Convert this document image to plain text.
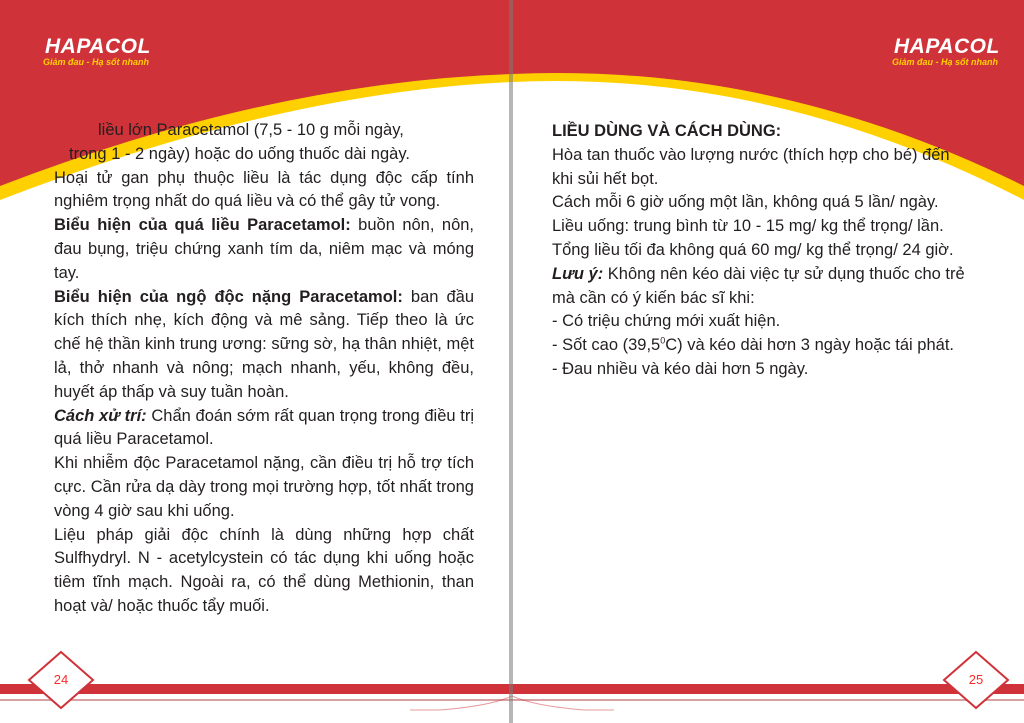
HAPACOL
Giảm đau - Hạ sốt nhanh

liều lớn Paracetamol (7,5 - 10 g mỗi ngày,

trong 1 - 2 ngày) hoặc do uống thuốc dài ngày.

Hoại tử gan phụ thuộc liều là tác dụng độc cấp tính nghiêm trọng nhất do quá liều và có thể gây tử vong.

Biểu hiện của quá liều Paracetamol: buồn nôn, nôn, đau bụng, triệu chứng xanh tím da, niêm mạc và móng tay.

Biểu hiện của ngộ độc nặng Paracetamol: ban đầu kích thích nhẹ, kích động và mê sảng. Tiếp theo là ức chế hệ thần kinh trung ương: sững sờ, hạ thân nhiệt, mệt lả, thở nhanh và nông; mạch nhanh, yếu, không đều, huyết áp thấp và suy tuần hoàn.

Cách xử trí: Chẩn đoán sớm rất quan trọng trong điều trị quá liều Paracetamol.

Khi nhiễm độc Paracetamol nặng, cần điều trị hỗ trợ tích cực. Cần rửa dạ dày trong mọi trường hợp, tốt nhất trong vòng 4 giờ sau khi uống.

Liệu pháp giải độc chính là dùng những hợp chất Sulfhydryl. N - acetylcystein có tác dụng khi uống hoặc tiêm tĩnh mạch. Ngoài ra, có thể dùng Methionin, than hoạt và/ hoặc thuốc tẩy muối.

24
HAPACOL
Giảm đau - Hạ sốt nhanh

LIỀU DÙNG VÀ CÁCH DÙNG:

Hòa tan thuốc vào lượng nước (thích hợp cho bé) đến khi sủi hết bọt.

Cách mỗi 6 giờ uống một lần, không quá 5 lần/ ngày.

Liều uống: trung bình từ 10 - 15 mg/ kg thể trọng/ lần.

Tổng liều tối đa không quá 60 mg/ kg thể trọng/ 24 giờ.

Lưu ý: Không nên kéo dài việc tự sử dụng thuốc cho trẻ mà cần có ý kiến bác sĩ khi:

- Có triệu chứng mới xuất hiện.

- Sốt cao (39,5$^0$C) và kéo dài hơn 3 ngày hoặc tái phát.

- Đau nhiều và kéo dài hơn 5 ngày.

25
